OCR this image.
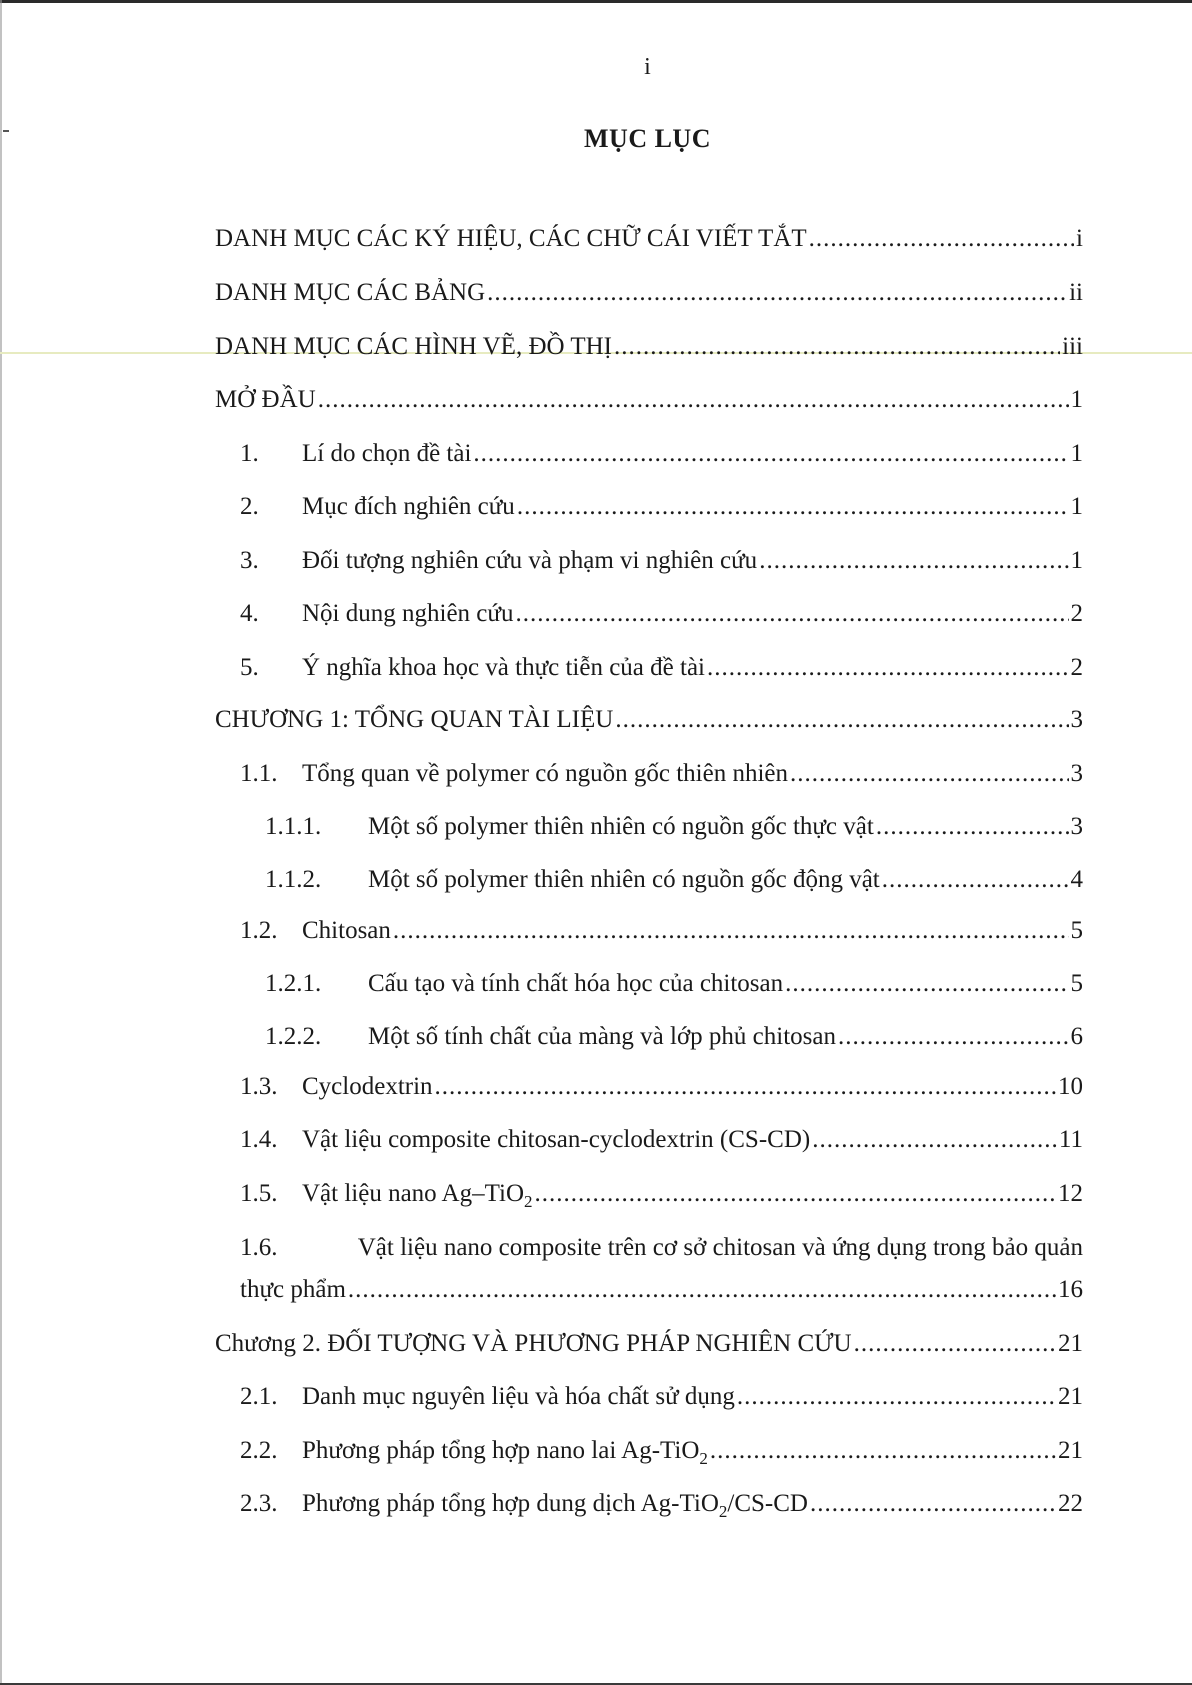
i
MỤC LỤC
DANH MỤC CÁC KÝ HIỆU, CÁC CHỮ CÁI VIẾT TẮT .....	i
DANH MỤC CÁC BẢNG .....	ii
DANH MỤC CÁC HÌNH VẼ, ĐỒ THỊ .....	iii
MỞ ĐẦU .....	1
1.	Lí do chọn đề tài .....	1
2.	Mục đích nghiên cứu .....	1
3.	Đối tượng nghiên cứu và phạm vi nghiên cứu .....	1
4.	Nội dung nghiên cứu .....	2
5.	Ý nghĩa khoa học và thực tiễn của đề tài .....	2
CHƯƠNG 1: TỔNG QUAN TÀI LIỆU .....	3
1.1. Tổng quan về polymer có nguồn gốc thiên nhiên .....	3
1.1.1.	Một số polymer thiên nhiên có nguồn gốc thực vật .....	3
1.1.2.	Một số polymer thiên nhiên có nguồn gốc động vật .....	4
1.2. Chitosan .....	5
1.2.1.	Cấu tạo và tính chất hóa học của chitosan .....	5
1.2.2.	Một số tính chất của màng và lớp phủ chitosan .....	6
1.3. Cyclodextrin .....	10
1.4. Vật liệu composite chitosan-cyclodextrin (CS-CD) .....	11
1.5. Vật liệu nano Ag–TiO$_2$ .....	12
1.6.	Vật liệu nano composite trên cơ sở chitosan và ứng dụng trong bảo quản
thực phẩm .....	16
Chương 2. ĐỐI TƯỢNG VÀ PHƯƠNG PHÁP NGHIÊN CỨU .....	21
2.1. Danh mục nguyên liệu và hóa chất sử dụng .....	21
2.2. Phương pháp tổng hợp nano lai Ag-TiO$_2$ .....	21
2.3. Phương pháp tổng hợp dung dịch Ag-TiO$_2$/CS-CD .....	22
